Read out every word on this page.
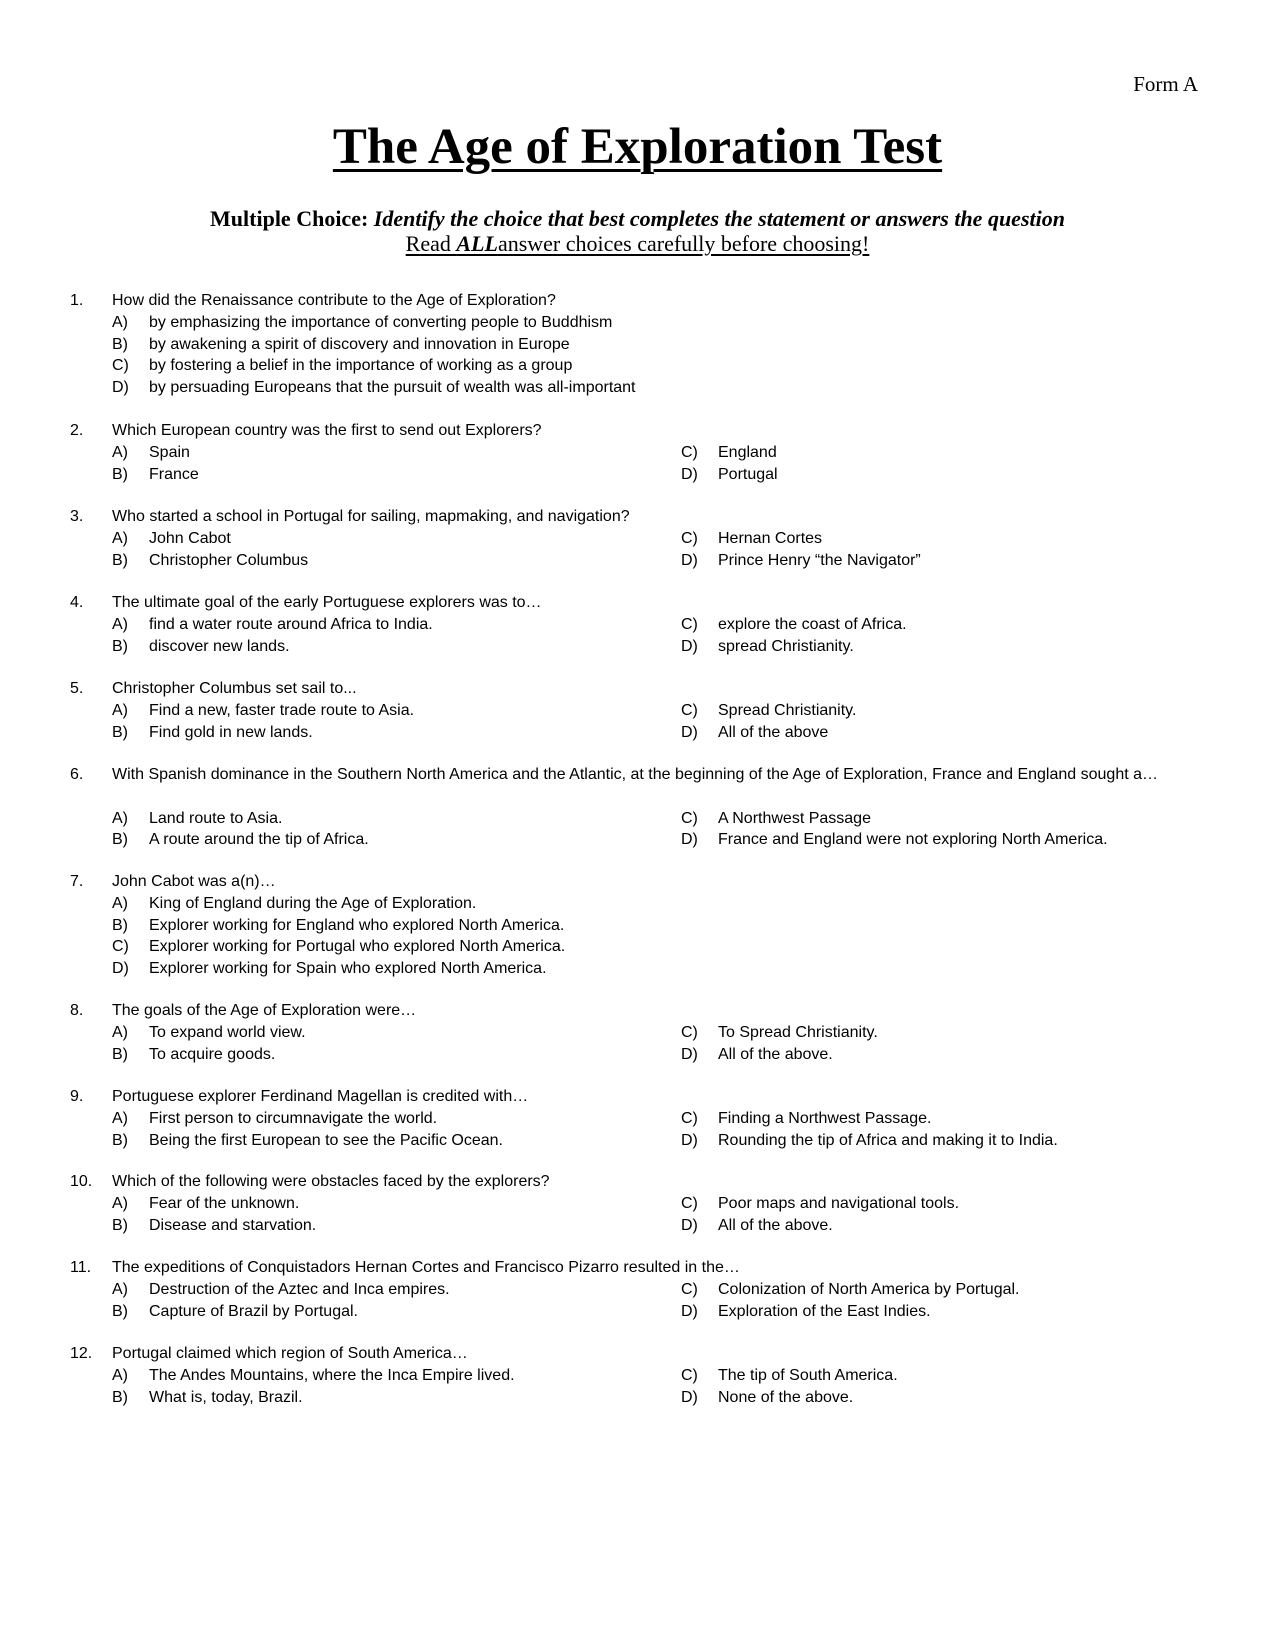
Form A
The Age of Exploration Test
Multiple Choice: Identify the choice that best completes the statement or answers the question
Read ALLanswer choices carefully before choosing!
1. How did the Renaissance contribute to the Age of Exploration?
A) by emphasizing the importance of converting people to Buddhism
B) by awakening a spirit of discovery and innovation in Europe
C) by fostering a belief in the importance of working as a group
D) by persuading Europeans that the pursuit of wealth was all-important
2. Which European country was the first to send out Explorers?
A) Spain
B) France
C) England
D) Portugal
3. Who started a school in Portugal for sailing, mapmaking, and navigation?
A) John Cabot
B) Christopher Columbus
C) Hernan Cortes
D) Prince Henry “the Navigator”
4. The ultimate goal of the early Portuguese explorers was to…
A) find a water route around Africa to India.
B) discover new lands.
C) explore the coast of Africa.
D) spread Christianity.
5. Christopher Columbus set sail to...
A) Find a new, faster trade route to Asia.
B) Find gold in new lands.
C) Spread Christianity.
D) All of the above
6. With Spanish dominance in the Southern North America and the Atlantic, at the beginning of the Age of Exploration, France and England sought a…
A) Land route to Asia.
B) A route around the tip of Africa.
C) A Northwest Passage
D) France and England were not exploring North America.
7. John Cabot was a(n)…
A) King of England during the Age of Exploration.
B) Explorer working for England who explored North America.
C) Explorer working for Portugal who explored North America.
D) Explorer working for Spain who explored North America.
8. The goals of the Age of Exploration were…
A) To expand world view.
B) To acquire goods.
C) To Spread Christianity.
D) All of the above.
9. Portuguese explorer Ferdinand Magellan is credited with…
A) First person to circumnavigate the world.
B) Being the first European to see the Pacific Ocean.
C) Finding a Northwest Passage.
D) Rounding the tip of Africa and making it to India.
10. Which of the following were obstacles faced by the explorers?
A) Fear of the unknown.
B) Disease and starvation.
C) Poor maps and navigational tools.
D) All of the above.
11. The expeditions of Conquistadors Hernan Cortes and Francisco Pizarro resulted in the…
A) Destruction of the Aztec and Inca empires.
B) Capture of Brazil by Portugal.
C) Colonization of North America by Portugal.
D) Exploration of the East Indies.
12. Portugal claimed which region of South America…
A) The Andes Mountains, where the Inca Empire lived.
B) What is, today, Brazil.
C) The tip of South America.
D) None of the above.
